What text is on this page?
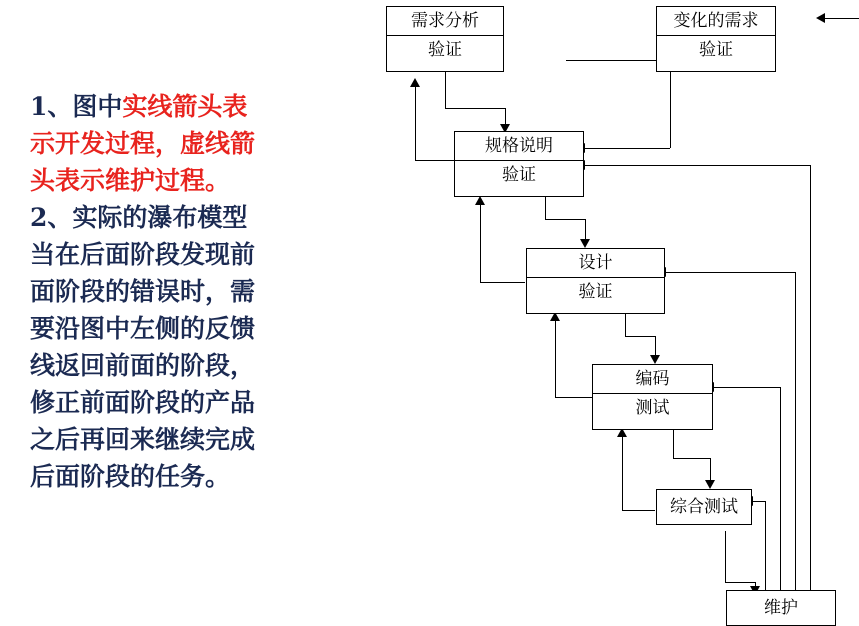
1、图中实线箭头表

示开发过程，虚线箭

头表示维护过程。

2、实际的瀑布模型

当在后面阶段发现前

面阶段的错误时，需

要沿图中左侧的反馈

线返回前面的阶段，

修正前面阶段的产品

之后再回来继续完成

后面阶段的任务。

需求分析
验证
变化的需求
验证
规格说明
验证
设计
验证
编码
测试
综合测试
维护
